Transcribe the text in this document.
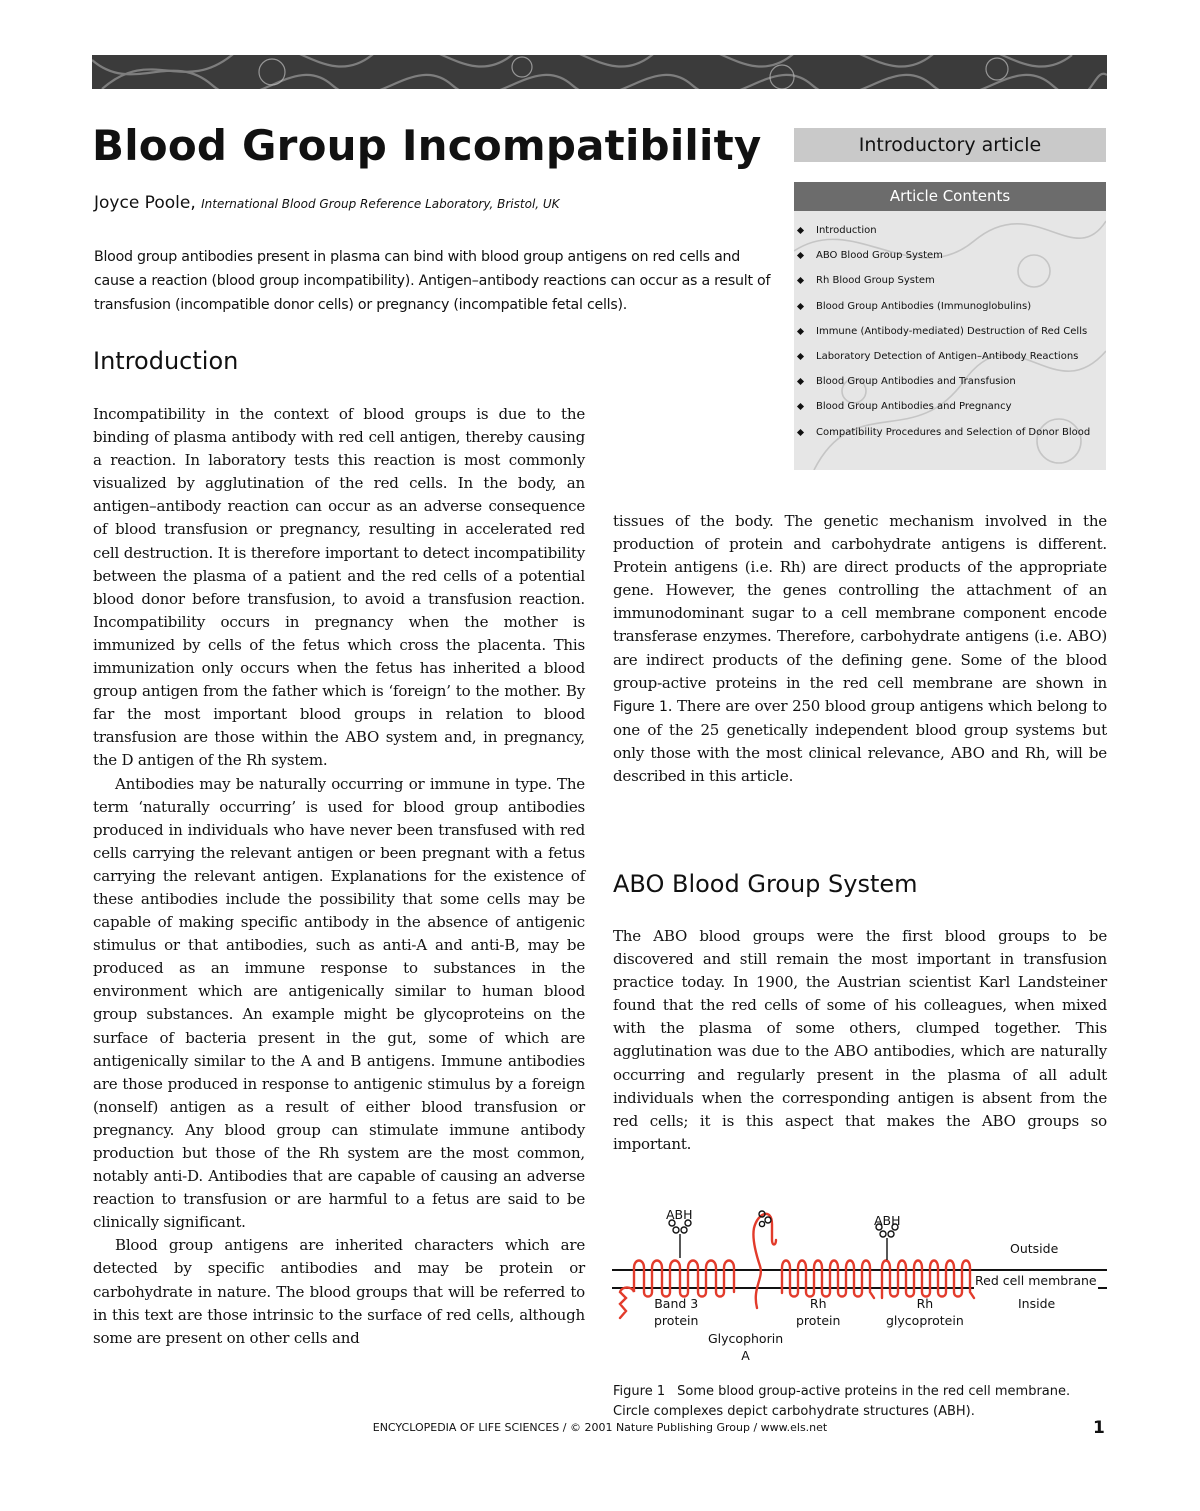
Blood Group Incompatibility
Joyce Poole, International Blood Group Reference Laboratory, Bristol, UK
Blood group antibodies present in plasma can bind with blood group antigens on red cells and cause a reaction (blood group incompatibility). Antigen–antibody reactions can occur as a result of transfusion (incompatible donor cells) or pregnancy (incompatible fetal cells).
Introductory article
Article Contents
Introduction
ABO Blood Group System
Rh Blood Group System
Blood Group Antibodies (Immunoglobulins)
Immune (Antibody-mediated) Destruction of Red Cells
Laboratory Detection of Antigen–Antibody Reactions
Blood Group Antibodies and Transfusion
Blood Group Antibodies and Pregnancy
Compatibility Procedures and Selection of Donor Blood
Introduction

Incompatibility in the context of blood groups is due to the binding of plasma antibody with red cell antigen, thereby causing a reaction. In laboratory tests this reaction is most commonly visualized by agglutination of the red cells. In the body, an antigen–antibody reaction can occur as an adverse consequence of blood transfusion or pregnancy, resulting in accelerated red cell destruction. It is therefore important to detect incompatibility between the plasma of a patient and the red cells of a potential blood donor before transfusion, to avoid a transfusion reaction. Incompatibility occurs in pregnancy when the mother is immunized by cells of the fetus which cross the placenta. This immunization only occurs when the fetus has inherited a blood group antigen from the father which is ‘foreign’ to the mother. By far the most important blood groups in relation to blood transfusion are those within the ABO system and, in pregnancy, the D antigen of the Rh system.

Antibodies may be naturally occurring or immune in type. The term ‘naturally occurring’ is used for blood group antibodies produced in individuals who have never been transfused with red cells carrying the relevant antigen or been pregnant with a fetus carrying the relevant antigen. Explanations for the existence of these antibodies include the possibility that some cells may be capable of making specific antibody in the absence of antigenic stimulus or that antibodies, such as anti-A and anti-B, may be produced as an immune response to substances in the environment which are antigenically similar to human blood group substances. An example might be glycoproteins on the surface of bacteria present in the gut, some of which are antigenically similar to the A and B antigens. Immune antibodies are those produced in response to antigenic stimulus by a foreign (nonself) antigen as a result of either blood transfusion or pregnancy. Any blood group can stimulate immune antibody production but those of the Rh system are the most common, notably anti-D. Antibodies that are capable of causing an adverse reaction to transfusion or are harmful to a fetus are said to be clinically significant.

Blood group antigens are inherited characters which are detected by specific antibodies and may be protein or carbohydrate in nature. The blood groups that will be referred to in this text are those intrinsic to the surface of red cells, although some are present on other cells and

tissues of the body. The genetic mechanism involved in the production of protein and carbohydrate antigens is different. Protein antigens (i.e. Rh) are direct products of the appropriate gene. However, the genes controlling the attachment of an immunodominant sugar to a cell membrane component encode transferase enzymes. Therefore, carbohydrate antigens (i.e. ABO) are indirect products of the defining gene. Some of the blood group-active proteins in the red cell membrane are shown in Figure 1. There are over 250 blood group antigens which belong to one of the 25 genetically independent blood group systems but only those with the most clinical relevance, ABO and Rh, will be described in this article.

ABO Blood Group System

The ABO blood groups were the first blood groups to be discovered and still remain the most important in transfusion practice today. In 1900, the Austrian scientist Karl Landsteiner found that the red cells of some of his colleagues, when mixed with the plasma of some others, clumped together. This agglutination was due to the ABO antibodies, which are naturally occurring and regularly present in the plasma of all adult individuals when the corresponding antigen is absent from the red cells; it is this aspect that makes the ABO groups so important.

ABH	ABH
Outside
Red cell membrane
Inside
Band 3
protein
Glycophorin
A
Rh
protein
Rh
glycoprotein
Figure 1 Some blood group-active proteins in the red cell membrane. Circle complexes depict carbohydrate structures (ABH).
ENCYCLOPEDIA OF LIFE SCIENCES / © 2001 Nature Publishing Group / www.els.net	1
